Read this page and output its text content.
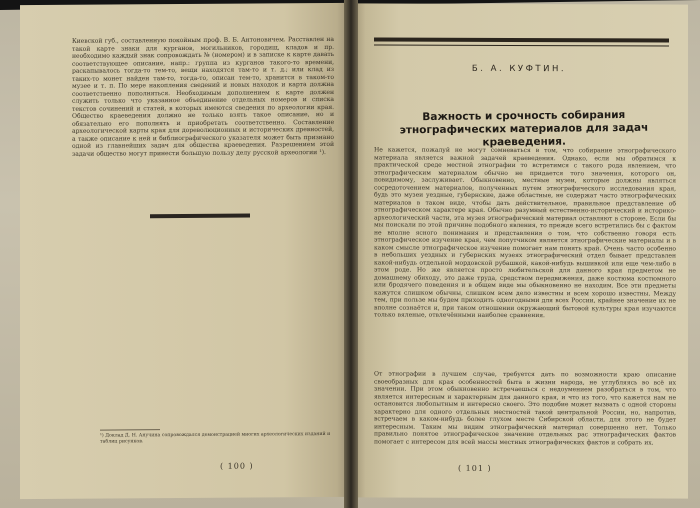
Киевской губ., составленную покойным проф. В. Б. Антоновичем. Расставлен на такой карте знаки для курганов, могильников, городищ, кладов и пр. необходимо каждый знак сопровождать № (номером) и в записке к карте давать соответствующее описание, напр.: группа из курганов такого-то времени, раскапывалось тогда-то тем-то, вещи находятся там-то и т. д.; или клад из таких-то монет найден там-то, тогда-то, описан тем-то, хранится в таком-то музее и т. п. По мере накопления сведений и новых находок и карта должна соответственно пополняться. Необходимым дополнением к карте должен служить только что указанное объединение отдельных номеров и списка текстов сочинений и статей, в которых имеются сведения по археологии края. Общество краеведения должно не только взять такое описание, но и обязательно его пополнять и приобретать соответственно. Составление археологической карты края для дореволюционных и исторических древностей, а также описание к ней и библиографического указателя может быть признано одной из главнейших задач для общества краеведения. Разрешением этой задачи общество могут принести большую пользу делу русской археологии ¹).
¹) Доклад Д. Н. Анучина сопровождался демонстрацией многих археологических изданий и таблиц рисунков.
( 100 )
Б. А. КУФТИН.
Важность и срочность собирания этнографических материалов для задач краеведения.
Не кажется, пожалуй не могут сомневаться в том, что собирание этнографического материала является важной задачей краеведения. Однако, если мы обратимся к практической среде местной этнографии то встретимся с такого рода явлением, что этнографическим материалом обычно не придается того значения, которого он, повидимому, заслуживает. Обыкновенно, местные музеи, которые должны являться сосредоточением материалов, полученных путем этнографического исследования края, будь это музеи уездные, губернские, даже областные, не содержат часто этнографических материалов в таком виде, чтобы дать действительное, правильное представление об этнографическом характере края. Обычно разумный естественно-исторический и историко-археологический части, эта музея этнографический материал оставляют в стороне. Если бы мы поискали по этой причине подобного явления, то прежде всего встретились бы с фактом не вполне ясного понимания и представления о том, что собственно говоря есть этнографическое изучение края, чем попутчиком является этнографические материалы и в каком смысле этнографическое изучение помогает нам понять край. Очень часто особенно в небольших уездных и губернских музеях этнографический отдел бывает представлен какой-нибудь отдельной мордовской рубашкой, какой-нибудь вышивкой или еще чем-либо в этом роде. Но же является просто любительской для данного края предметом не домашнему обиходу, это даже труда, средством передвижения, даже костюма костюмного или бродячего поведения и в общем виде мы обыкновенно не находим. Все эти предметы кажутся слишком обычны, слишком всем дело известны и всем хорошо известны. Между тем, при пользе мы будем приходить одногодными для всех России, крайнее значение их не вполне сознаётся и, при таком отношении окружающий бытовой культуры края изучаются только вяленые, отвлечёнными наиболее сравнения.
От этнографии в лучшем случае, требуется дать по возможности краю описание своеобразных для края особенностей быта в жизни народа, не углубляясь во всё их значении. При этом обыкновенно встречаешься с недоумением разобраться в том, что является интересным и характерным для данного края, и что из того, что кажется нам не остановится любопытным и интересно своего. Это подобие может вызвать с одной стороны характерно для одного отдельных местностей такой центральной России, но, напротив, встречаем в каком-нибудь более глухом месте Сибирской области, для этого не будет интересным. Таким мы видим этнографический материал совершенно нет. Только правильно понятое этнографическое значение отдельных рас этнографических фактов помогает с интересом для всей массы местных этнографических фактов и собрать их.
( 101 )
